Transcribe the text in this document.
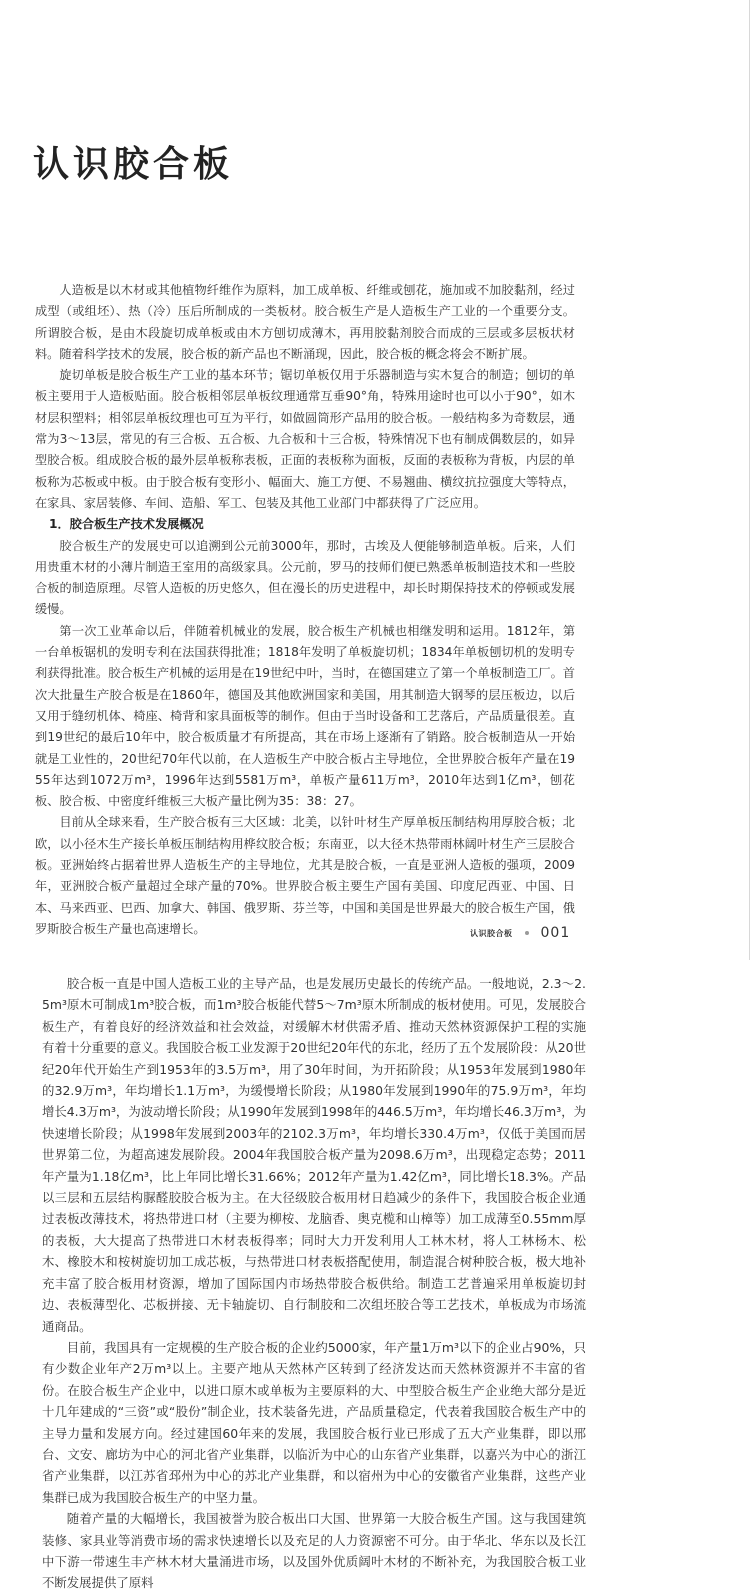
认识胶合板

人造板是以木材或其他植物纤维作为原料，加工成单板、纤维或刨花，施加或不加胶黏剂，经过成型（或组坯）、热（冷）压后所制成的一类板材。胶合板生产是人造板生产工业的一个重要分支。所谓胶合板，是由木段旋切成单板或由木方刨切成薄木，再用胶黏剂胶合而成的三层或多层板状材料。随着科学技术的发展，胶合板的新产品也不断涌现，因此，胶合板的概念将会不断扩展。

旋切单板是胶合板生产工业的基本环节；锯切单板仅用于乐器制造与实木复合的制造；刨切的单板主要用于人造板贴面。胶合板相邻层单板纹理通常互垂90°角，特殊用途时也可以小于90°，如木材层积塑料；相邻层单板纹理也可互为平行，如做圆筒形产品用的胶合板。一般结构多为奇数层，通常为3～13层，常见的有三合板、五合板、九合板和十三合板，特殊情况下也有制成偶数层的，如异型胶合板。组成胶合板的最外层单板称表板，正面的表板称为面板，反面的表板称为背板，内层的单板称为芯板或中板。由于胶合板有变形小、幅面大、施工方便、不易翘曲、横纹抗拉强度大等特点，在家具、家居装修、车间、造船、军工、包装及其他工业部门中都获得了广泛应用。

1．胶合板生产技术发展概况

胶合板生产的发展史可以追溯到公元前3000年，那时，古埃及人便能够制造单板。后来，人们用贵重木材的小薄片制造王室用的高级家具。公元前，罗马的技师们便已熟悉单板制造技术和一些胶合板的制造原理。尽管人造板的历史悠久，但在漫长的历史进程中，却长时期保持技术的停顿或发展缓慢。

第一次工业革命以后，伴随着机械业的发展，胶合板生产机械也相继发明和运用。1812年，第一台单板锯机的发明专利在法国获得批准；1818年发明了单板旋切机；1834年单板刨切机的发明专利获得批准。胶合板生产机械的运用是在19世纪中叶，当时，在德国建立了第一个单板制造工厂。首次大批量生产胶合板是在1860年，德国及其他欧洲国家和美国，用其制造大钢琴的层压板边，以后又用于缝纫机体、椅座、椅背和家具面板等的制作。但由于当时设备和工艺落后，产品质量很差。直到19世纪的最后10年中，胶合板质量才有所提高，其在市场上逐渐有了销路。胶合板制造从一开始就是工业性的，20世纪70年代以前，在人造板生产中胶合板占主导地位，全世界胶合板年产量在1955年达到1072万m³，1996年达到5581万m³，单板产量611万m³，2010年达到1亿m³，刨花板、胶合板、中密度纤维板三大板产量比例为35：38：27。

目前从全球来看，生产胶合板有三大区域：北美，以针叶材生产厚单板压制结构用厚胶合板；北欧，以小径木生产接长单板压制结构用桦纹胶合板；东南亚，以大径木热带雨林阔叶材生产三层胶合板。亚洲始终占据着世界人造板生产的主导地位，尤其是胶合板，一直是亚洲人造板的强项，2009年，亚洲胶合板产量超过全球产量的70%。世界胶合板主要生产国有美国、印度尼西亚、中国、日本、马来西亚、巴西、加拿大、韩国、俄罗斯、芬兰等，中国和美国是世界最大的胶合板生产国，俄罗斯胶合板生产量也高速增长。	认识胶合板 001

胶合板一直是中国人造板工业的主导产品，也是发展历史最长的传统产品。一般地说，2.3～2.5m³原木可制成1m³胶合板，而1m³胶合板能代替5～7m³原木所制成的板材使用。可见，发展胶合板生产，有着良好的经济效益和社会效益，对缓解木材供需矛盾、推动天然林资源保护工程的实施有着十分重要的意义。我国胶合板工业发源于20世纪20年代的东北，经历了五个发展阶段：从20世纪20年代开始生产到1953年的3.5万m³，用了30年时间，为开拓阶段；从1953年发展到1980年的32.9万m³，年均增长1.1万m³，为缓慢增长阶段；从1980年发展到1990年的75.9万m³，年均增长4.3万m³，为波动增长阶段；从1990年发展到1998年的446.5万m³，年均增长46.3万m³，为快速增长阶段；从1998年发展到2003年的2102.3万m³，年均增长330.4万m³，仅低于美国而居世界第二位，为超高速发展阶段。2004年我国胶合板产量为2098.6万m³，出现稳定态势；2011年产量为1.18亿m³，比上年同比增长31.66%；2012年产量为1.42亿m³，同比增长18.3%。产品以三层和五层结构脲醛胶胶合板为主。在大径级胶合板用材日趋减少的条件下，我国胶合板企业通过表板改薄技术，将热带进口材（主要为柳桉、龙脑香、奥克榄和山樟等）加工成薄至0.55mm厚的表板，大大提高了热带进口木材表板得率；同时大力开发利用人工林木材，将人工林杨木、松木、橡胶木和桉树旋切加工成芯板，与热带进口材表板搭配使用，制造混合树种胶合板，极大地补充丰富了胶合板用材资源，增加了国际国内市场热带胶合板供给。制造工艺普遍采用单板旋切封边、表板薄型化、芯板拼接、无卡轴旋切、自行制胶和二次组坯胶合等工艺技术，单板成为市场流通商品。

目前，我国具有一定规模的生产胶合板的企业约5000家，年产量1万m³以下的企业占90%，只有少数企业年产2万m³以上。主要产地从天然林产区转到了经济发达而天然林资源并不丰富的省份。在胶合板生产企业中，以进口原木或单板为主要原料的大、中型胶合板生产企业绝大部分是近十几年建成的“三资”或“股份”制企业，技术装备先进，产品质量稳定，代表着我国胶合板生产中的主导力量和发展方向。经过建国60年来的发展，我国胶合板行业已形成了五大产业集群，即以邢台、文安、廊坊为中心的河北省产业集群，以临沂为中心的山东省产业集群，以嘉兴为中心的浙江省产业集群，以江苏省邳州为中心的苏北产业集群，和以宿州为中心的安徽省产业集群，这些产业集群已成为我国胶合板生产的中坚力量。

随着产量的大幅增长，我国被誉为胶合板出口大国、世界第一大胶合板生产国。这与我国建筑装修、家具业等消费市场的需求快速增长以及充足的人力资源密不可分。由于华北、华东以及长江中下游一带速生丰产林木材大量涌进市场，以及国外优质阔叶木材的不断补充，为我国胶合板工业不断发展提供了原料
